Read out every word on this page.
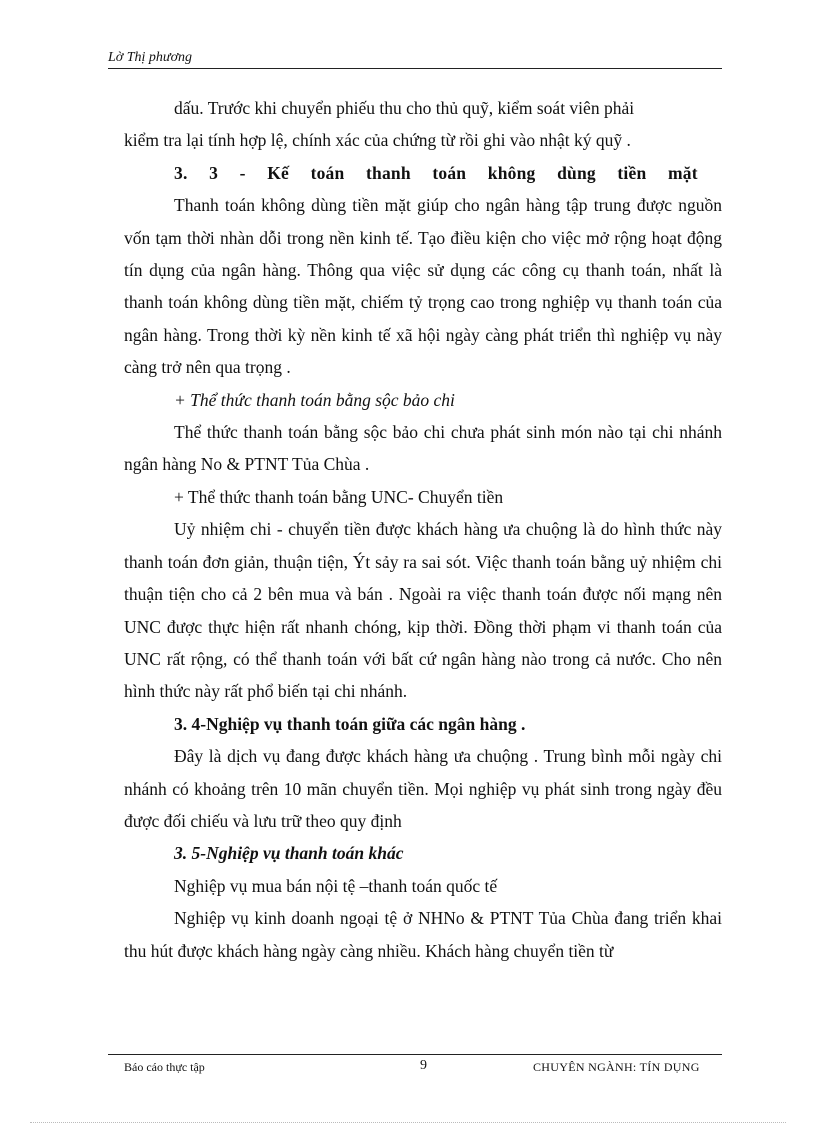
Lờ Thị phương

dấu. Trước khi chuyển phiếu thu cho thủ quỹ, kiểm soát viên phải

kiểm tra lại tính hợp lệ, chính xác của chứng từ rồi ghi vào nhật ký quỹ .

3. 3 - Kế toán thanh toán không dùng tiền mặt

Thanh toán không dùng tiền mặt giúp cho ngân hàng tập trung được nguồn vốn tạm thời nhàn dỗi trong nền kinh tế. Tạo điều kiện cho việc mở rộng hoạt động tín dụng của ngân hàng. Thông qua việc sử dụng các công cụ thanh toán, nhất là thanh toán không dùng tiền mặt, chiếm tỷ trọng cao trong nghiệp vụ thanh toán của ngân hàng. Trong thời kỳ nền kinh tế xã hội ngày càng phát triển thì nghiệp vụ này càng trở nên qua trọng .

+ Thể thức thanh toán bằng sộc bảo chi

Thể thức thanh toán bằng sộc bảo chi chưa phát sinh món nào tại chi nhánh ngân hàng No & PTNT Tủa Chùa .

+ Thể thức thanh toán bằng UNC- Chuyển tiền

Uỷ nhiệm chi - chuyển tiền được khách hàng ưa chuộng là do hình thức này thanh toán đơn giản, thuận tiện, Ýt sảy ra sai sót. Việc thanh toán bằng uỷ nhiệm chi thuận tiện cho cả 2 bên mua và bán . Ngoài ra việc thanh toán được nối mạng nên UNC được thực hiện rất nhanh chóng, kịp thời. Đồng thời phạm vi thanh toán của UNC rất rộng, có thể thanh toán với bất cứ ngân hàng nào trong cả nước. Cho nên hình thức này rất phổ biến tại chi nhánh.

3. 4-Nghiệp vụ thanh toán giữa các ngân hàng .

Đây là dịch vụ đang được khách hàng ưa chuộng . Trung bình mỗi ngày chi nhánh có khoảng trên 10 mãn chuyển tiền. Mọi nghiệp vụ phát sinh trong ngày đều được đối chiếu và lưu trữ theo quy định

3. 5-Nghiệp vụ thanh toán khác

Nghiệp vụ mua bán nội tệ –thanh toán quốc tế

Nghiệp vụ kinh doanh ngoại tệ ở NHNo & PTNT Tủa Chùa đang triển khai thu hút được khách hàng ngày càng nhiều. Khách hàng chuyển tiền từ

Báo cáo thực tập	9	CHUYÊN NGÀNH: TÍN DỤNG
